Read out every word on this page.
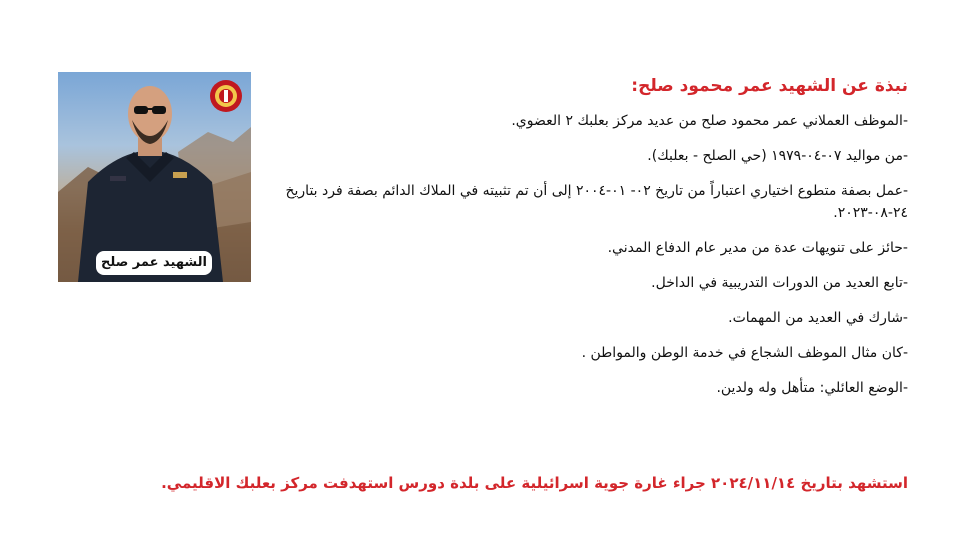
الشهيد عمر صلح
نبذة عن الشهيد عمر محمود صلح:
-الموظف العملاني عمر محمود صلح من عديد مركز بعلبك ٢ العضوي.
-من مواليد ٠٧-٠٤-١٩٧٩ (حي الصلح - بعلبك).
-عمل بصفة متطوع اختياري اعتباراً من تاريخ ٠٢- ٠١-٢٠٠٤ إلى أن تم تثبيته في الملاك الدائم بصفة فرد بتاريخ ٢٤-٠٨-٢٠٢٣.
-حائز على تنويهات عدة من مدير عام الدفاع المدني.
-تابع العديد من الدورات التدريبية في الداخل.
-شارك في العديد من المهمات.
-كان مثال الموظف الشجاع في خدمة الوطن والمواطن .
-الوضع العائلي: متأهل وله ولدين.
استشهد بتاريخ ٢٠٢٤/١١/١٤ جراء غارة جوية اسرائيلية على بلدة دورس استهدفت مركز بعلبك الاقليمي.
